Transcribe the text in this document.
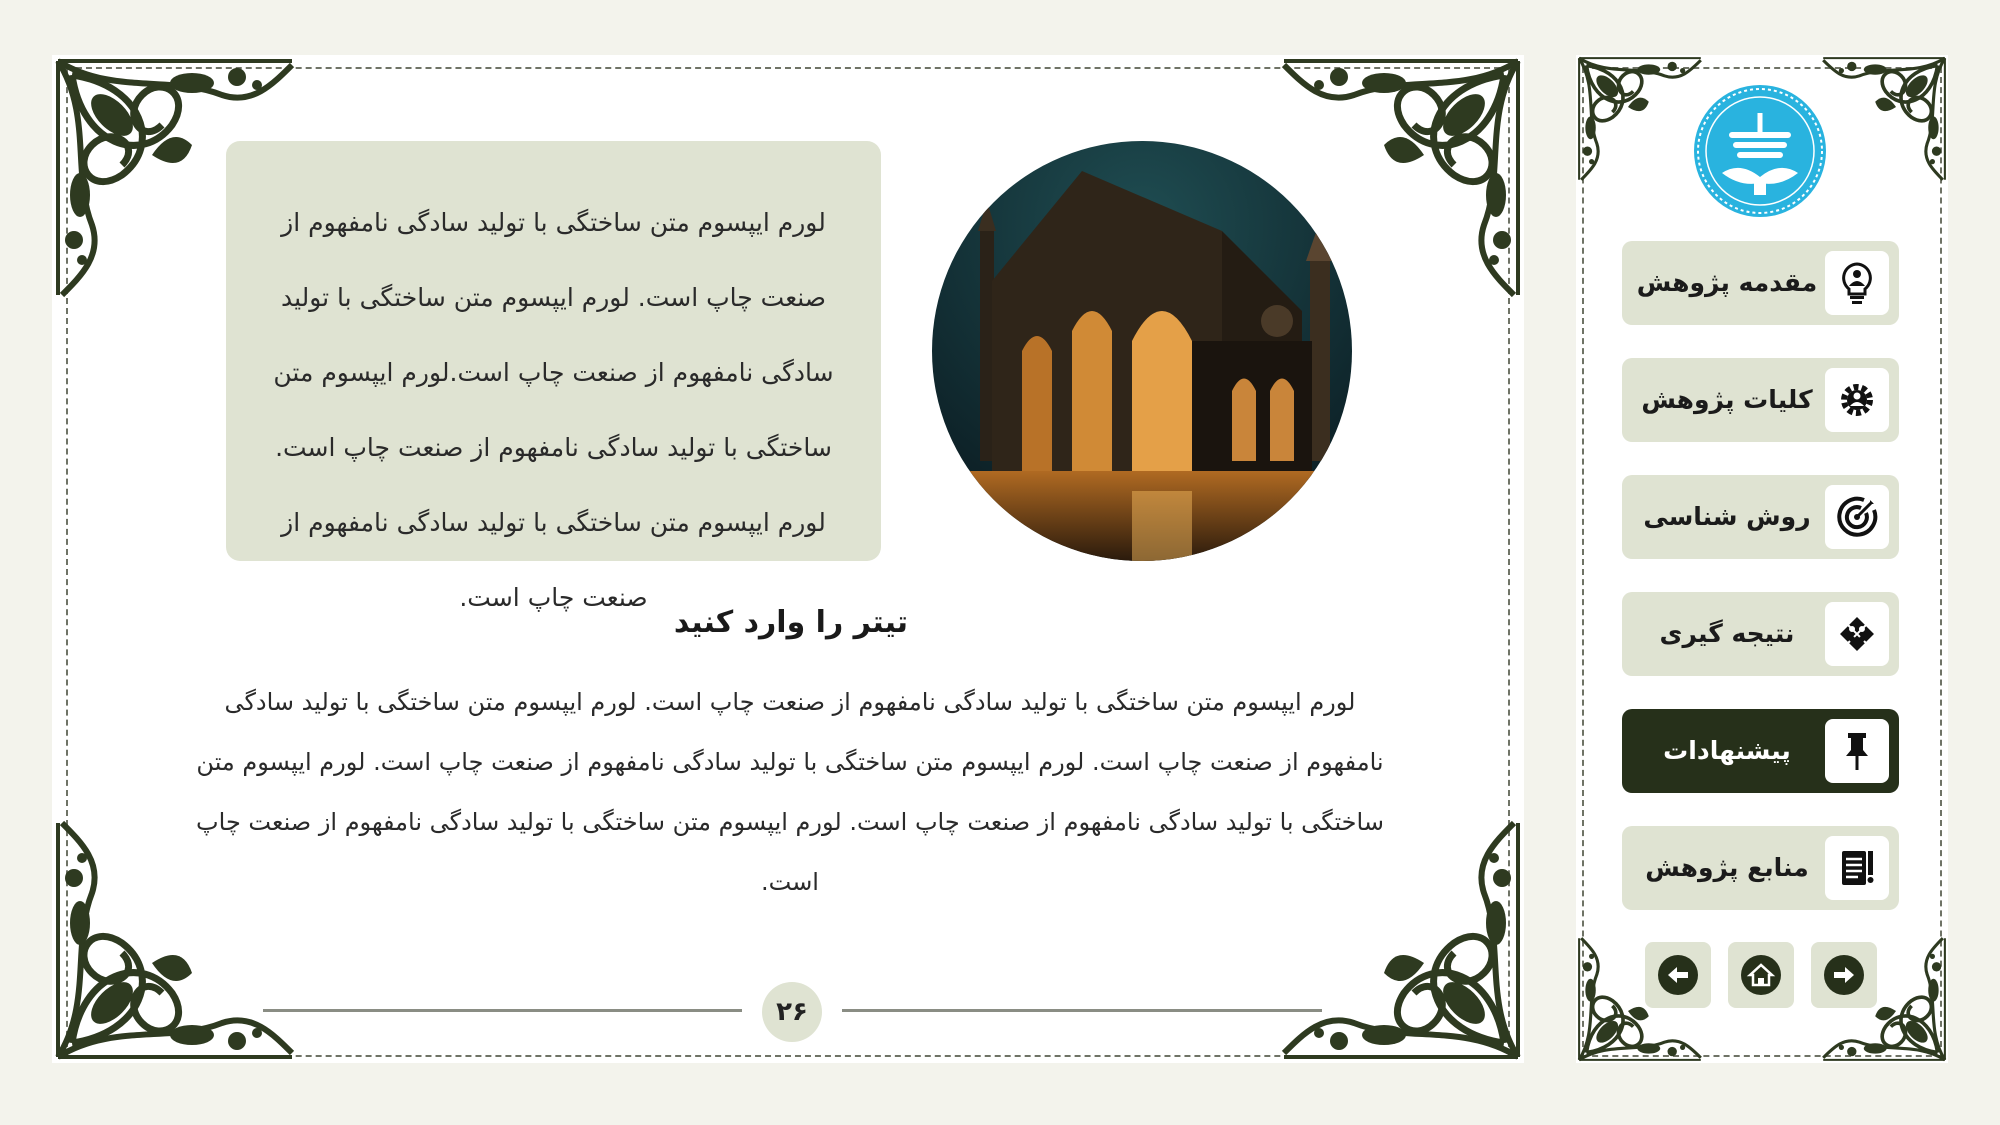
لورم ایپسوم متن ساختگی با تولید سادگی نامفهوم از صنعت چاپ است. لورم ایپسوم متن ساختگی با تولید سادگی نامفهوم از صنعت چاپ است.لورم ایپسوم متن ساختگی با تولید سادگی نامفهوم از صنعت چاپ است. لورم ایپسوم متن ساختگی با تولید سادگی نامفهوم از صنعت چاپ است.
تیتر را وارد کنید
لورم ایپسوم متن ساختگی با تولید سادگی نامفهوم از صنعت چاپ است. لورم ایپسوم متن ساختگی با تولید سادگی نامفهوم از صنعت چاپ است. لورم ایپسوم متن ساختگی با تولید سادگی نامفهوم از صنعت چاپ است. لورم ایپسوم متن ساختگی با تولید سادگی نامفهوم از صنعت چاپ است. لورم ایپسوم متن ساختگی با تولید سادگی نامفهوم از صنعت چاپ است.
۲۶
مقدمه پژوهش
کلیات پژوهش
روش شناسی
نتیجه گیری
پیشنهادات
منابع پژوهش
